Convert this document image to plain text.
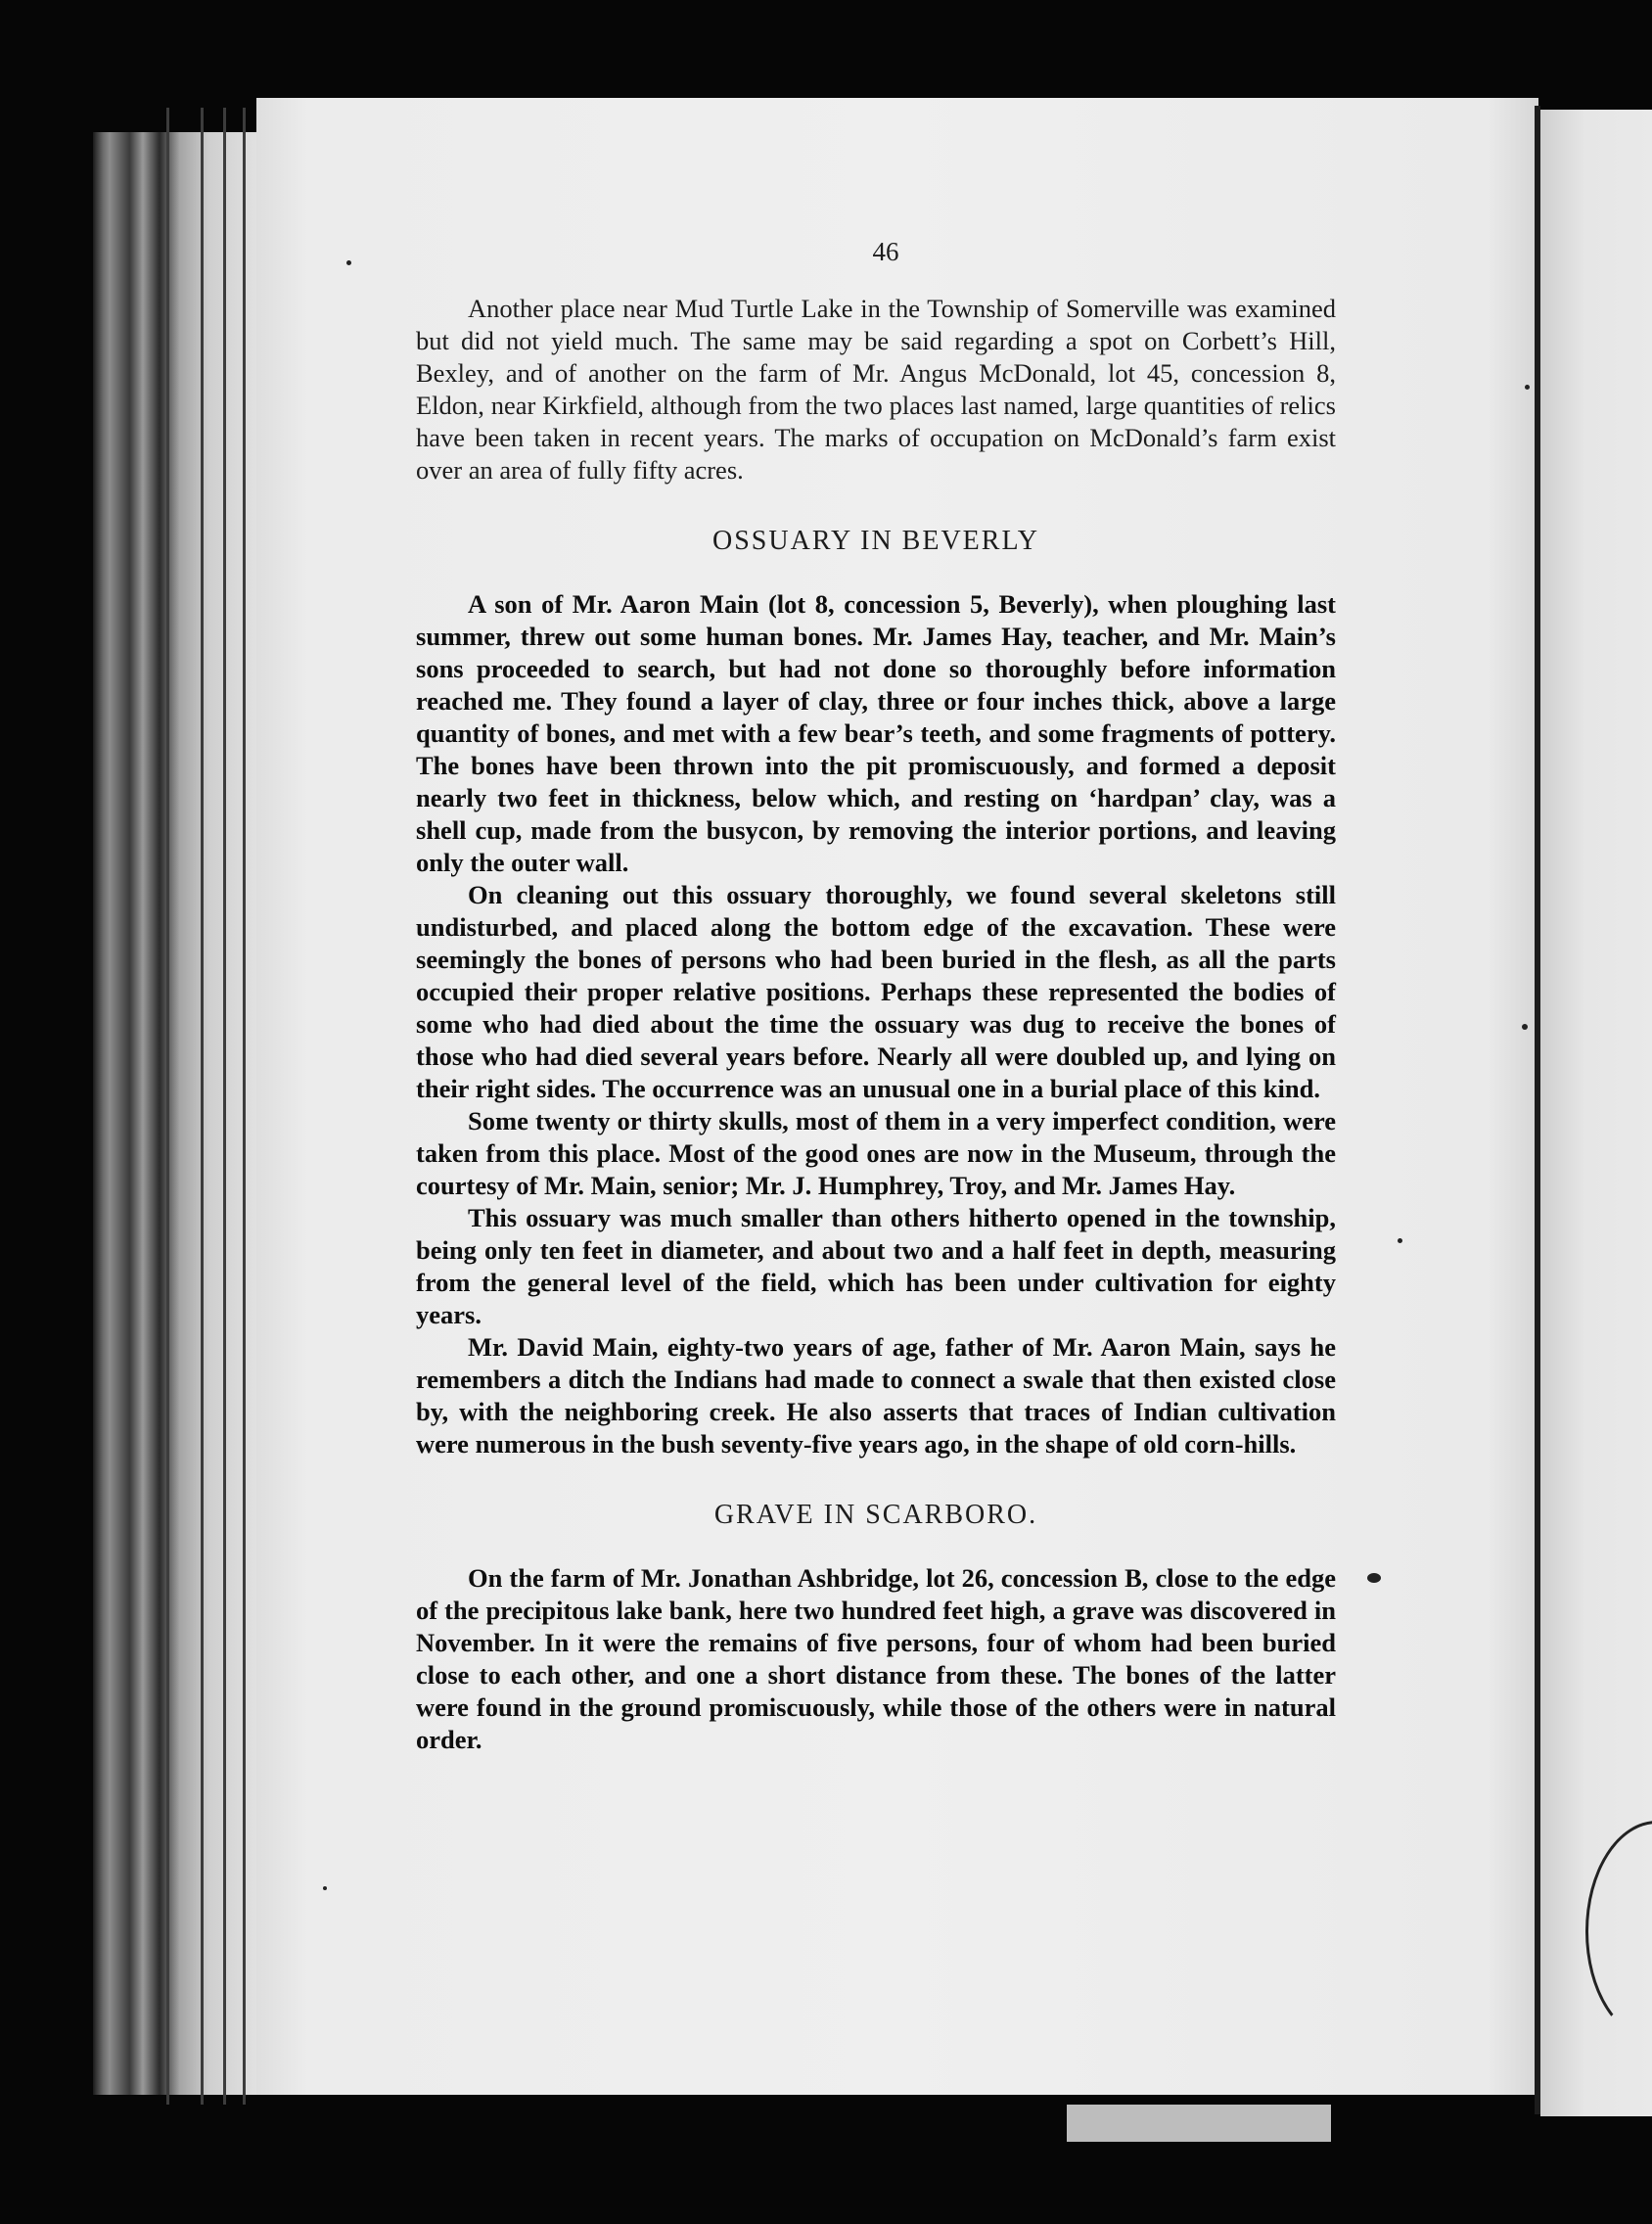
46

Another place near Mud Turtle Lake in the Township of Somerville was examined but did not yield much. The same may be said regarding a spot on Corbett’s Hill, Bexley, and of another on the farm of Mr. Angus McDonald, lot 45, concession 8, Eldon, near Kirkfield, although from the two places last named, large quantities of relics have been taken in recent years. The marks of occupation on McDonald’s farm exist over an area of fully fifty acres.

OSSUARY IN BEVERLY

A son of Mr. Aaron Main (lot 8, concession 5, Beverly), when ploughing last summer, threw out some human bones. Mr. James Hay, teacher, and Mr. Main’s sons proceeded to search, but had not done so thoroughly before information reached me. They found a layer of clay, three or four inches thick, above a large quantity of bones, and met with a few bear’s teeth, and some fragments of pottery. The bones have been thrown into the pit promiscuously, and formed a deposit nearly two feet in thickness, below which, and resting on ‘hardpan’ clay, was a shell cup, made from the busycon, by removing the interior portions, and leaving only the outer wall.

On cleaning out this ossuary thoroughly, we found several skeletons still undisturbed, and placed along the bottom edge of the excavation. These were seemingly the bones of persons who had been buried in the flesh, as all the parts occupied their proper relative positions. Perhaps these represented the bodies of some who had died about the time the ossuary was dug to receive the bones of those who had died several years before. Nearly all were doubled up, and lying on their right sides. The occurrence was an unusual one in a burial place of this kind.

Some twenty or thirty skulls, most of them in a very imperfect condition, were taken from this place. Most of the good ones are now in the Museum, through the courtesy of Mr. Main, senior; Mr. J. Humphrey, Troy, and Mr. James Hay.

This ossuary was much smaller than others hitherto opened in the township, being only ten feet in diameter, and about two and a half feet in depth, measuring from the general level of the field, which has been under cultivation for eighty years.

Mr. David Main, eighty-two years of age, father of Mr. Aaron Main, says he remembers a ditch the Indians had made to connect a swale that then existed close by, with the neighboring creek. He also asserts that traces of Indian cultivation were numerous in the bush seventy-five years ago, in the shape of old corn-hills.

GRAVE IN SCARBORO.

On the farm of Mr. Jonathan Ashbridge, lot 26, concession B, close to the edge of the precipitous lake bank, here two hundred feet high, a grave was discovered in November. In it were the remains of five persons, four of whom had been buried close to each other, and one a short distance from these. The bones of the latter were found in the ground promiscuously, while those of the others were in natural order.
